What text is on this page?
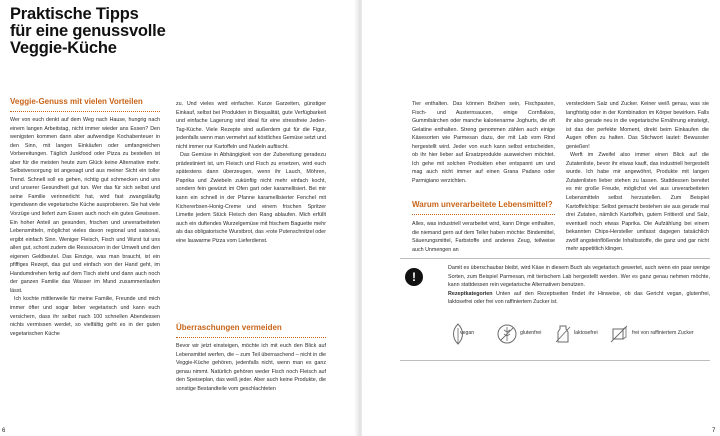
Praktische Tipps
für eine genussvolle
Veggie-Küche
Veggie-Genuss mit vielen Vorteilen

Wer von euch denkt auf dem Weg nach Hause, hungrig nach einem langen Arbeitstag, nicht immer wieder ans Essen? Den wenigsten kommen dann aber aufwendige Kochabenteuer in den Sinn, mit langen Einkäufen oder umfangreichen Vorbereitungen. Täglich Junkfood oder Pizza zu bestellen ist aber für die meisten heute zum Glück keine Alternative mehr. Selbstversorgung ist angesagt und aus meiner Sicht ein toller Trend. Schnell soll es gehen, richtig gut schmecken und uns und unserer Gesundheit gut tun. Wer das für sich selbst und seine Familie verinnerlicht hat, wird fast zwangsläufig irgendwann die vegetarische Küche ausprobieren. Sie hat viele Vorzüge und liefert zum Essen auch noch ein gutes Gewissen. Ein hoher Anteil an gesunden, frischen und unverarbeiteten Lebensmitteln, möglichst vieles davon regional und saisonal, ergibt einfach Sinn. Weniger Fleisch, Fisch und Wurst tut uns allen gut, schont zudem die Ressourcen in der Umwelt und den eigenen Geldbeutel. Das Einzige, was man braucht, ist ein pfiffiges Rezept, das gut und einfach von der Hand geht, im Handumdrehen fertig auf dem Tisch steht und dann auch noch der ganzen Familie das Wasser im Mund zusammenlaufen lässt.

Ich kochte mittlerweile für meine Familie, Freunde und mich immer öfter und sogar lieber vegetarisch und kann euch versichern, dass ihr selbst nach 100 schnellen Abendessen nichts vermissen werdet, so vielfältig geht es in der guten vegetarischen Küche

zu. Und vieles wird einfacher. Kurze Garzeiten, günstiger Einkauf, selbst bei Produkten in Bioqualität, gute Verfügbarkeit und einfache Lagerung sind ideal für eine stressfreie Jeden-Tag-Küche. Viele Rezepte sind außerdem gut für die Figur, jedenfalls wenn man vermehrt auf köstliches Gemüse setzt und nicht immer nur Kartoffeln und Nudeln auftischt.

Das Gemüse in Abhängigkeit von der Zubereitung geradezu prädestiniert ist, um Fleisch und Fisch zu ersetzen, wird euch spätestens dann überzeugen, wenn ihr Lauch, Möhren, Paprika und Zwiebeln zukünftig nicht mehr einfach kocht, sondern fein gewürzt im Ofen gart oder karamellisiert. Bei mir kann ein schnell in der Pfanne karamellisierter Fenchel mit Kichererbsen-Honig-Creme und einem frischen Spritzer Limette jedem Stück Fleisch den Rang ablaufen. Mich erfüllt auch ein duftendes Wurzelgemüse mit frischem Baguette mehr als das obligatorische Wurstbrot, das »rote Putenschnitzel oder eine lauwarme Pizza vom Lieferdienst.

Überraschungen vermeiden

Bevor wir jetzt einsteigen, möchte ich mit euch den Blick auf Lebensmittel werfen, die – zum Teil überraschend – nicht in die Veggie-Küche gehören, jedenfalls nicht, wenn man es ganz genau nimmt. Natürlich gehören weder Fisch noch Fleisch auf den Speiseplan, das weiß jeder. Aber auch keine Produkte, die sonstige Bestandteile vom geschlachteten

6	7

Tier enthalten. Das können Brühen sein, Fischpasten, Fisch- und Austernsaucen, einige Cornflakes, Gummibärchen oder manche kalorienarme Joghurts, die oft Gelatine enthalten. Streng genommen zählen auch einige Käsesorten wie Parmesan dazu, der mit Lab vom Rind hergestellt wird. Jeder von euch kann selbst entscheiden, ob ihr hier lieber auf Ersatzprodukte ausweichen möchtet. Ich gehe mit solchen Produkten eher entspannt um und mag auch nicht immer auf einen Grana Padano oder Parmigiano verzichten.

Warum unverarbeitete Lebensmittel?

Alles, was industriell verarbeitet wird, kann Dinge enthalten, die niemand gern auf dem Teller haben möchte: Bindemittel, Säuerungsmittel, Farbstoffe und anderes Zeug, teilweise auch Unmengen an

verstecktem Salz und Zucker. Keiner weiß genau, was sie langfristig oder in der Kombination im Körper bewirken. Falls ihr also gerade neu in die vegetarische Ernährung einsteigt, ist das der perfekte Moment, direkt beim Einkaufen die Augen offen zu halten. Das Stichwort lautet: Bewusster genießen!

Werft im Zweifel also immer einen Blick auf die Zutatenliste, bevor ihr etwas kauft, das industriell hergestellt wurde. Ich habe mir angewöhnt, Produkte mit langen Zutatenlisten lieber stehen zu lassen. Stattdessen bereitet es mir große Freude, möglichst viel aus unverarbeiteten Lebensmitteln selbst herzustellen. Zum Beispiel Kartoffelchips: Selbst gemacht bestehen sie aus gerade mal drei Zutaten, nämlich Kartoffeln, gutem Frittieröl und Salz, eventuell noch etwas Paprika. Die Aufzählung bei einem bekannten Chips-Hersteller umfasst dagegen tatsächlich zwölf angsteinflößende Inhaltsstoffe, die ganz und gar nicht mehr appetitlich klingen.

!

Damit es überschaubar bleibt, wird Käse in diesem Buch als vegetarisch gewertet, auch wenn ein paar wenige Sorten, zum Beispiel Parmesan, mit tierischem Lab hergestellt werden. Wer es ganz genau nehmen möchte, kann stattdessen rein vegetarische Alternativen benutzen.

Rezeptkategorien Unten auf den Rezeptseiten findet ihr Hinweise, ob das Gericht vegan, glutenfrei, laktosefrei oder frei von raffiniertem Zucker ist.

vegan	glutenfrei	laktosefrei	frei von raffiniertem Zucker
